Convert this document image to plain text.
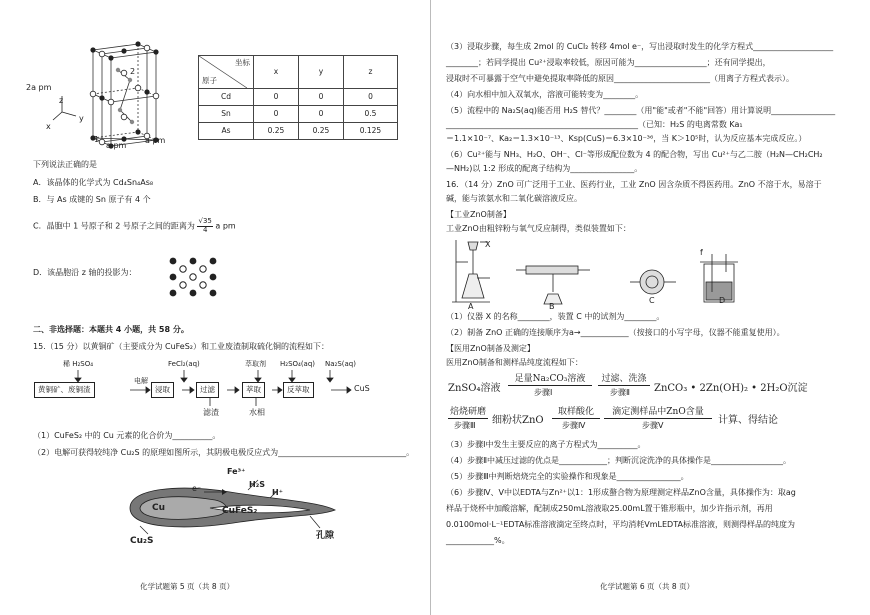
2a pm
z
y
x
a pm
a pm
1
2
坐标
原子	x	y	z
Cd	0	0	0
Sn	0	0	0.5
As	0.25	0.25	0.125
下列说法正确的是
A．该晶体的化学式为 Cd₄Sn₄As₈
B．与 As 成键的 Sn 原子有 4 个
C．晶胞中 1 号原子和 2 号原子之间的距离为 $\frac{√35}{4}$ a pm
D．该晶胞沿 z 轴的投影为：
二、非选择题：本题共 4 小题，共 58 分。
15.（15 分）以黄铜矿（主要成分为 CuFeS₂）和工业废渣制取硫化铜的流程如下：
稀 H₂SO₄	FeCl₂(aq)	萃取剂 H₂SO₄(aq) Na₂S(aq)
黄铜矿、废铜渣
电解
浸取	过滤	萃取	反萃取	CuS
滤渣	水相
（1）CuFeS₂ 中的 Cu 元素的化合价为__________。
（2）电解可获得较纯净 Cu₂S 的原理如图所示，其阴极电极反应式为________________________________。
Cu
e⁻
CuFeS₂
Fe³⁺
H₂S
H⁺
Cu₂S	孔隙
化学试题第 5 页（共 8 页）
（3）浸取步骤，每生成 2mol 的 CuCl₂ 转移 4mol e⁻，写出浸取时发生的化学方程式____________________
________；若同学提出 Cu²⁺浸取率较低，原因可能为__________________；还有同学提出，
浸取时不可暴露于空气中避免提取率降低的原因________________________（用离子方程式表示）。
（4）向水相中加入双氧水，溶液可能转变为________。
（5）流程中的 Na₂S(aq)能否用 H₂S 替代？________（用"能"或者"不能"回答）用计算说明________________
________________________________________________（已知：H₂S 的电离常数 Ka₁
＝1.1×10⁻⁷、Ka₂＝1.3×10⁻¹³、Ksp(CuS)＝6.3×10⁻³⁶，当 K＞10⁵时，认为反应基本完成反应。）
（6）Cu²⁺能与 NH₃、H₂O、OH⁻、Cl⁻等形成配位数为 4 的配合物，写出 Cu²⁺与乙二胺（H₂N—CH₂CH₂
—NH₂)以 1:2 形成的配离子结构为________________。
16．（14 分）ZnO 可广泛用于工业、医药行业，工业 ZnO 因含杂质不得医药用。ZnO 不溶于水，易溶于
碱，能与浓氨水和二氧化碳溶液反应。
【工业ZnO制备】
工业ZnO由粗锌粉与氧气反应制得，类似装置如下：
X
A	B
C	D
f
（1）仪器 X 的名称________，装置 C 中的试剂为________。
（2）制备 ZnO 正确的连接顺序为a→____________（按接口的小写字母，仪器不能重复使用）。
【医用ZnO制备及测定】
医用ZnO制备和测样品纯度流程如下：
ZnSO₄溶液
足量Na₂CO₃溶液
步骤Ⅰ
过滤、洗涤
步骤Ⅱ ZnCO₃ • 2Zn(OH)₂ • 2H₂O沉淀
焙烧研磨
步骤Ⅲ 细粉状ZnO
取样酸化
步骤Ⅳ
滴定测样品中ZnO含量
步骤Ⅴ	计算、得结论
（3）步骤Ⅰ中发生主要反应的离子方程式为__________。
（4）步骤Ⅱ中减压过滤的优点是____________；判断沉淀洗净的具体操作是__________________。
（5）步骤Ⅲ中判断焙烧完全的实验操作和现象是________________。
（6）步骤Ⅳ、Ⅴ中以EDTA与Zn²⁺以1：1形成螯合物为原理测定样品ZnO含量，具体操作为：取ag
样品于烧杯中加酸溶解，配制成250mL溶液取25.00mL置于锥形瓶中，加少许指示剂，再用
0.0100mol·L⁻¹EDTA标准溶液滴定至终点时，平均消耗VmLEDTA标准溶液，则测得样品的纯度为
____________%。
化学试题第 6 页（共 8 页）
